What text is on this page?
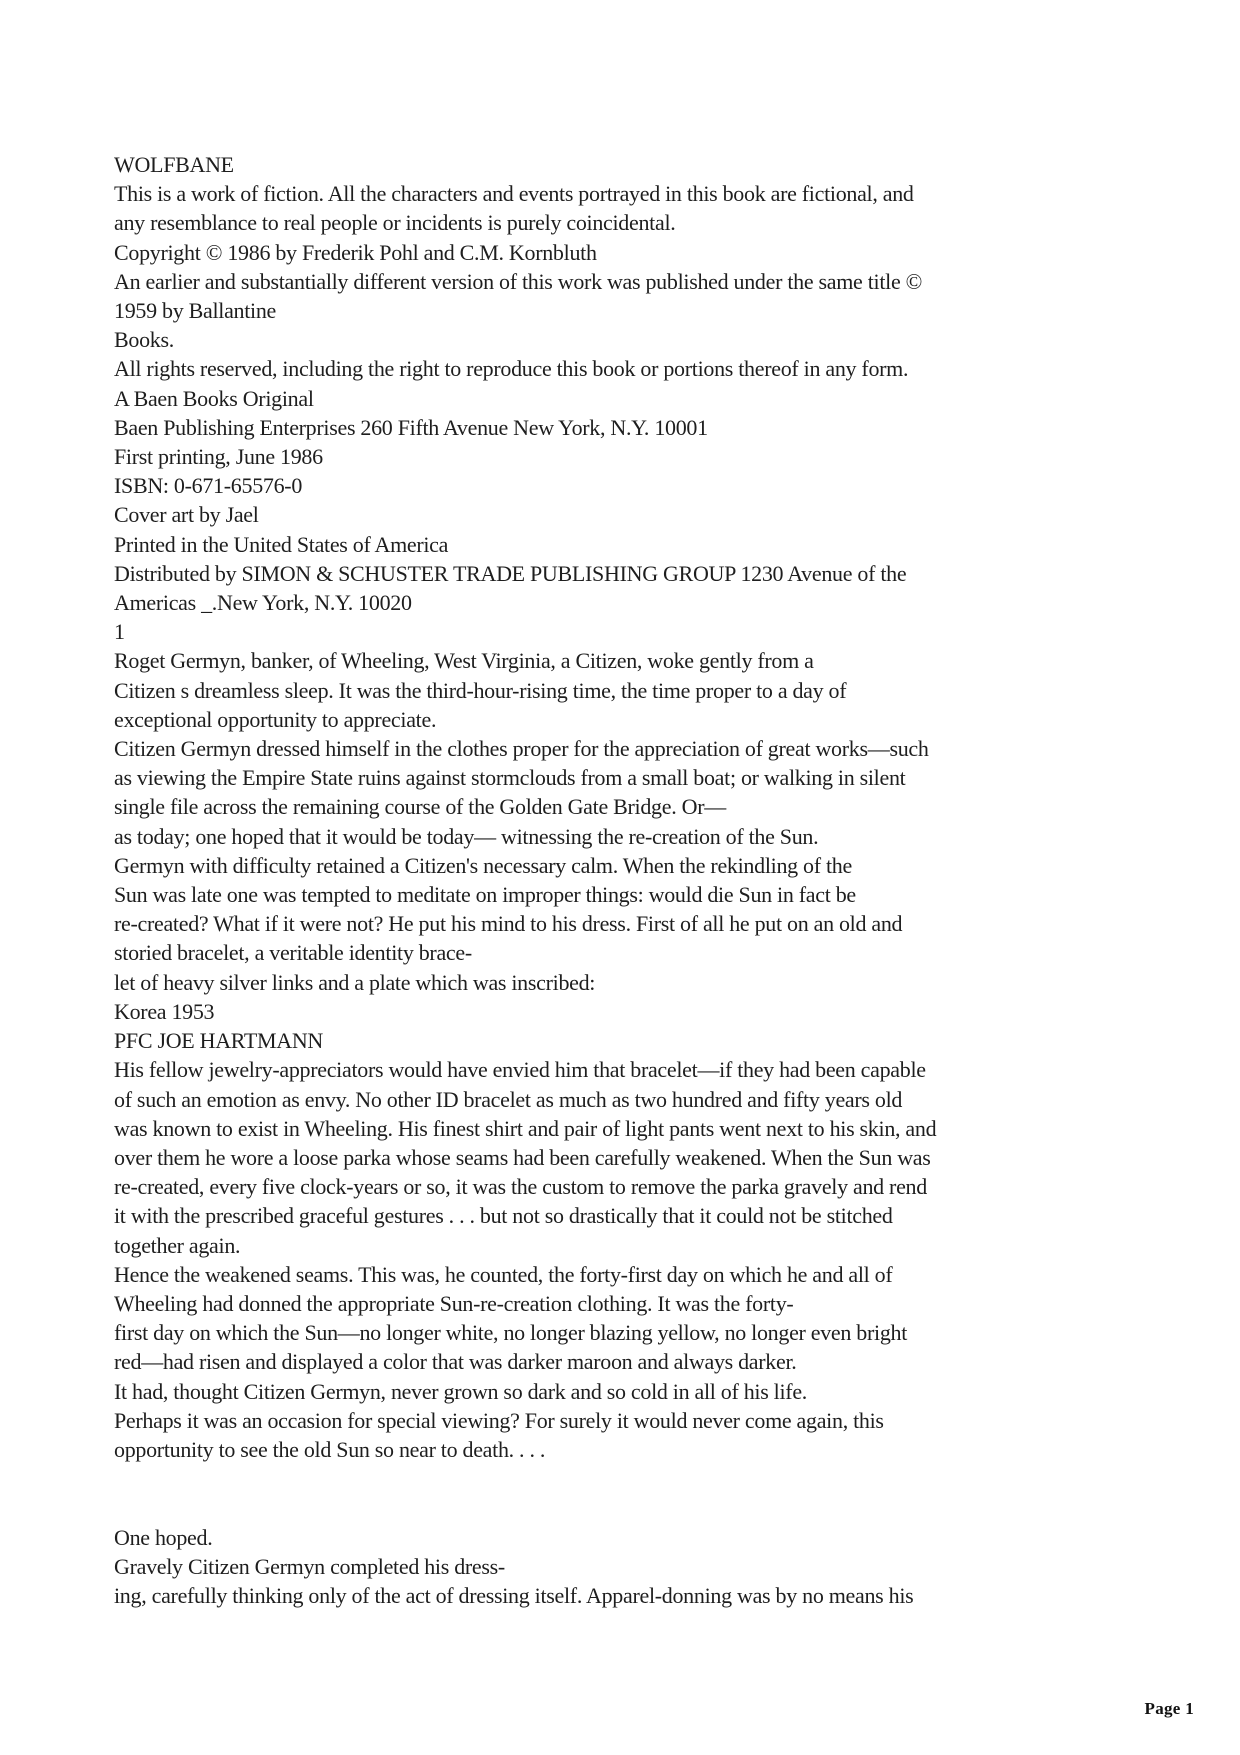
WOLFBANE
This is a work of fiction. All the characters and events portrayed in this book are fictional, and
any resemblance to real people or incidents is purely coincidental.
Copyright © 1986 by Frederik Pohl and C.M. Kornbluth
An earlier and substantially different version of this work was published under the same title ©
1959 by Ballantine
Books.
All rights reserved, including the right to reproduce this book or portions thereof in any form.
A Baen Books Original
Baen Publishing Enterprises 260 Fifth Avenue New York, N.Y. 10001
First printing, June 1986
ISBN: 0-671-65576-0
Cover art by Jael
Printed in the United States of America
Distributed by SIMON & SCHUSTER TRADE PUBLISHING GROUP 1230 Avenue of the
Americas _.New York, N.Y. 10020
1
Roget Germyn, banker, of Wheeling, West Virginia, a Citizen, woke gently from a
Citizen s dreamless sleep. It was the third-hour-rising time, the time proper to a day of
exceptional opportunity to appreciate.
Citizen Germyn dressed himself in the clothes proper for the appreciation of great works—such
as viewing the Empire State ruins against stormclouds from a small boat; or walking in silent
single file across the remaining course of the Golden Gate Bridge. Or—
as today; one hoped that it would be today— witnessing the re-creation of the Sun.
Germyn with difficulty retained a Citizen's necessary calm. When the rekindling of the
Sun was late one was tempted to meditate on improper things: would die Sun in fact be
re-created? What if it were not? He put his mind to his dress. First of all he put on an old and
storied bracelet, a veritable identity brace-
let of heavy silver links and a plate which was inscribed:
Korea 1953
PFC JOE HARTMANN
His fellow jewelry-appreciators would have envied him that bracelet—if they had been capable
of such an emotion as envy. No other ID bracelet as much as two hundred and fifty years old
was known to exist in Wheeling. His finest shirt and pair of light pants went next to his skin, and
over them he wore a loose parka whose seams had been carefully weakened. When the Sun was
re-created, every five clock-years or so, it was the custom to remove the parka gravely and rend
it with the prescribed graceful gestures . . . but not so drastically that it could not be stitched
together again.
Hence the weakened seams. This was, he counted, the forty-first day on which he and all of
Wheeling had donned the appropriate Sun-re-creation clothing. It was the forty-
first day on which the Sun—no longer white, no longer blazing yellow, no longer even bright
red—had risen and displayed a color that was darker maroon and always darker.
It had, thought Citizen Germyn, never grown so dark and so cold in all of his life.
Perhaps it was an occasion for special viewing? For surely it would never come again, this
opportunity to see the old Sun so near to death. . . .
One hoped.
Gravely Citizen Germyn completed his dress-
ing, carefully thinking only of the act of dressing itself. Apparel-donning was by no means his
Page 1
